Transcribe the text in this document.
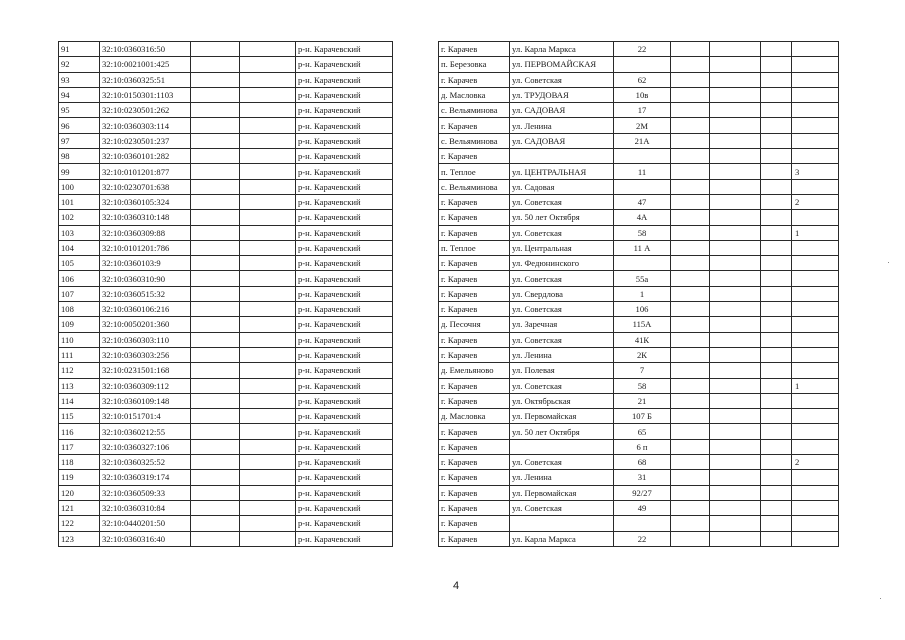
91	32:10:0360316:50			р-н. Карачевский		г. Карачев	ул. Карла Маркса	22				
92	32:10:0021001:425			р-н. Карачевский		п. Березовка	ул. ПЕРВОМАЙСКАЯ					
93	32:10:0360325:51			р-н. Карачевский		г. Карачев	ул. Советская	62				
94	32:10:0150301:1103			р-н. Карачевский		д. Масловка	ул. ТРУДОВАЯ	10в				
95	32:10:0230501:262			р-н. Карачевский		с. Вельяминова	ул. САДОВАЯ	17				
96	32:10:0360303:114			р-н. Карачевский		г. Карачев	ул. Ленина	2М				
97	32:10:0230501:237			р-н. Карачевский		с. Вельяминова	ул. САДОВАЯ	21А				
98	32:10:0360101:282			р-н. Карачевский		г. Карачев						
99	32:10:0101201:877			р-н. Карачевский		п. Теплое	ул. ЦЕНТРАЛЬНАЯ	11				3
100	32:10:0230701:638			р-н. Карачевский		с. Вельяминова	ул. Садовая					
101	32:10:0360105:324			р-н. Карачевский		г. Карачев	ул. Советская	47				2
102	32:10:0360310:148			р-н. Карачевский		г. Карачев	ул. 50 лет Октября	4А				
103	32:10:0360309:88			р-н. Карачевский		г. Карачев	ул. Советская	58				1
104	32:10:0101201:786			р-н. Карачевский		п. Теплое	ул. Центральная	11 А				
105	32:10:0360103:9			р-н. Карачевский		г. Карачев	ул. Федюнинского					
106	32:10:0360310:90			р-н. Карачевский		г. Карачев	ул. Советская	55а				
107	32:10:0360515:32			р-н. Карачевский		г. Карачев	ул. Свердлова	1				
108	32:10:0360106:216			р-н. Карачевский		г. Карачев	ул. Советская	106				
109	32:10:0050201:360			р-н. Карачевский		д. Песочня	ул. Заречная	115А				
110	32:10:0360303:110			р-н. Карачевский		г. Карачев	ул. Советская	41К				
111	32:10:0360303:256			р-н. Карачевский		г. Карачев	ул. Ленина	2К				
112	32:10:0231501:168			р-н. Карачевский		д. Емельяново	ул. Полевая	7				
113	32:10:0360309:112			р-н. Карачевский		г. Карачев	ул. Советская	58				1
114	32:10:0360109:148			р-н. Карачевский		г. Карачев	ул. Октябрьская	21				
115	32:10:0151701:4			р-н. Карачевский		д. Масловка	ул. Первомайская	107 Б				
116	32:10:0360212:55			р-н. Карачевский		г. Карачев	ул. 50 лет Октября	65				
117	32:10:0360327:106			р-н. Карачевский		г. Карачев		6 п				
118	32:10:0360325:52			р-н. Карачевский		г. Карачев	ул. Советская	68				2
119	32:10:0360319:174			р-н. Карачевский		г. Карачев	ул. Ленина	31				
120	32:10:0360509:33			р-н. Карачевский		г. Карачев	ул. Первомайская	92/27				
121	32:10:0360310:84			р-н. Карачевский		г. Карачев	ул. Советская	49				
122	32:10:0440201:50			р-н. Карачевский		г. Карачев						
123	32:10:0360316:40			р-н. Карачевский		г. Карачев	ул. Карла Маркса	22				
4
